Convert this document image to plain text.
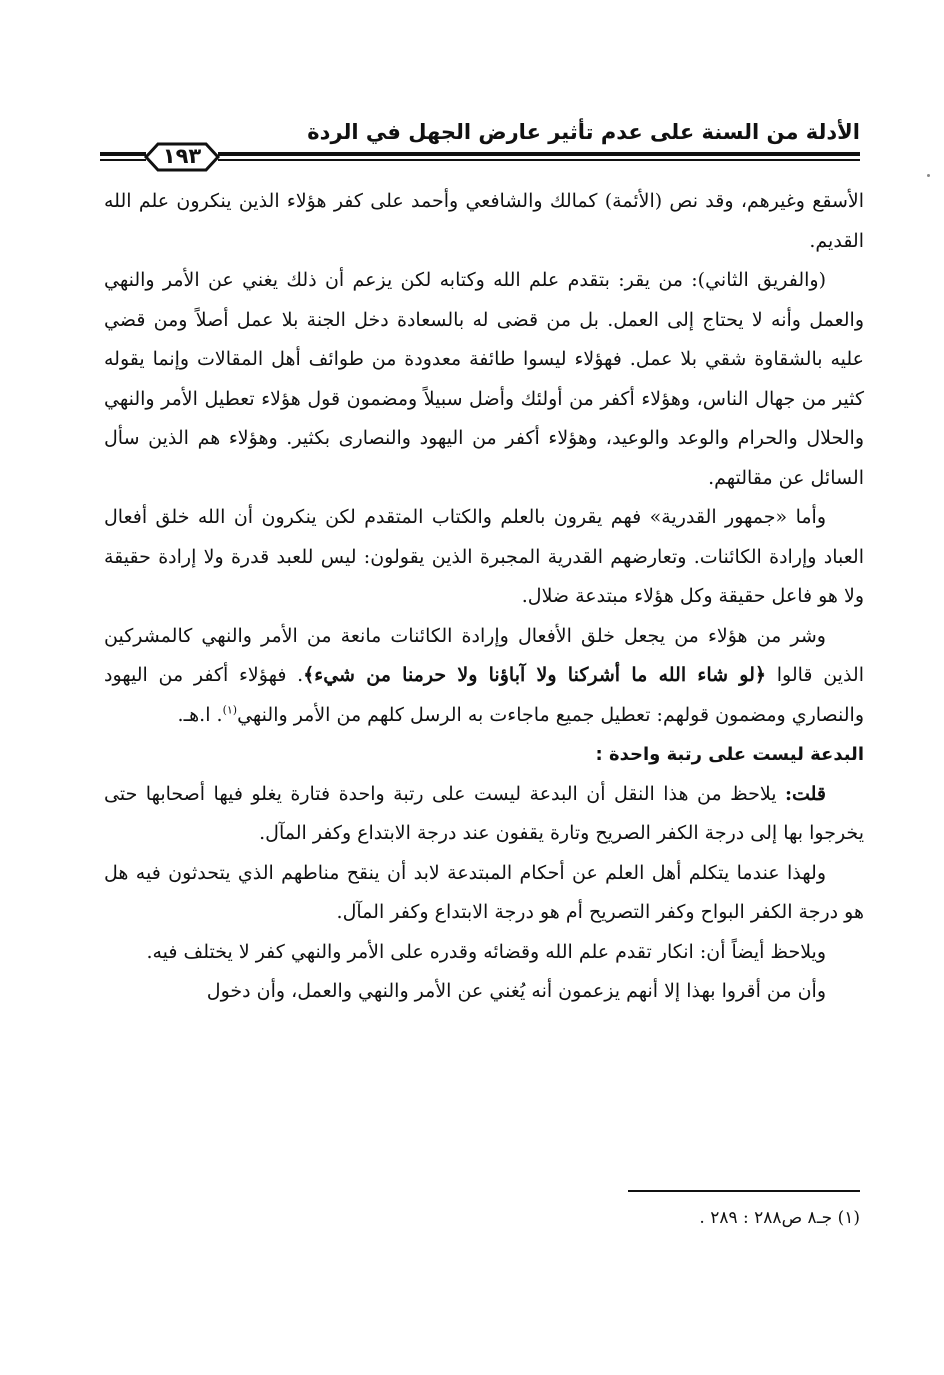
الأدلة من السنة على عدم تأثير عارض الجهل في الردة
١٩٣

الأسقع وغيرهم، وقد نص (الأئمة) كمالك والشافعي وأحمد على كفر هؤلاء الذين ينكرون علم الله القديم.

(والفريق الثاني): من يقر: بتقدم علم الله وكتابه لكن يزعم أن ذلك يغني عن الأمر والنهي والعمل وأنه لا يحتاج إلى العمل. بل من قضى له بالسعادة دخل الجنة بلا عمل أصلاً ومن قضي عليه بالشقاوة شقي بلا عمل. فهؤلاء ليسوا طائفة معدودة من طوائف أهل المقالات وإنما يقوله كثير من جهال الناس، وهؤلاء أكفر من أولئك وأضل سبيلاً ومضمون قول هؤلاء تعطيل الأمر والنهي والحلال والحرام والوعد والوعيد، وهؤلاء أكفر من اليهود والنصارى بكثير. وهؤلاء هم الذين سأل السائل عن مقالتهم.

وأما «جمهور القدرية» فهم يقرون بالعلم والكتاب المتقدم لكن ينكرون أن الله خلق أفعال العباد وإرادة الكائنات. وتعارضهم القدرية المجبرة الذين يقولون: ليس للعبد قدرة ولا إرادة حقيقة ولا هو فاعل حقيقة وكل هؤلاء مبتدعة ضلال.

وشر من هؤلاء من يجعل خلق الأفعال وإرادة الكائنات مانعة من الأمر والنهي كالمشركين الذين قالوا ﴿لو شاء الله ما أشركنا ولا آباؤنا ولا حرمنا من شيء﴾. فهؤلاء أكفر من اليهود والنصاري ومضمون قولهم: تعطيل جميع ماجاءت به الرسل كلهم من الأمر والنهي$^{(١)}$. ا.هـ.

البدعة ليست على رتبة واحدة :

قلت: يلاحظ من هذا النقل أن البدعة ليست على رتبة واحدة فتارة يغلو فيها أصحابها حتى يخرجوا بها إلى درجة الكفر الصريح وتارة يقفون عند درجة الابتداع وكفر المآل.

ولهذا عندما يتكلم أهل العلم عن أحكام المبتدعة لابد أن ينقح مناطهم الذي يتحدثون فيه هل هو درجة الكفر البواح وكفر التصريح أم هو درجة الابتداع وكفر المآل.

ويلاحظ أيضاً أن: انكار تقدم علم الله وقضائه وقدره على الأمر والنهي كفر لا يختلف فيه.

وأن من أقروا بهذا إلا أنهم يزعمون أنه يُغني عن الأمر والنهي والعمل، وأن دخول

(١) جـ٨ ص٢٨٨ : ٢٨٩ .
